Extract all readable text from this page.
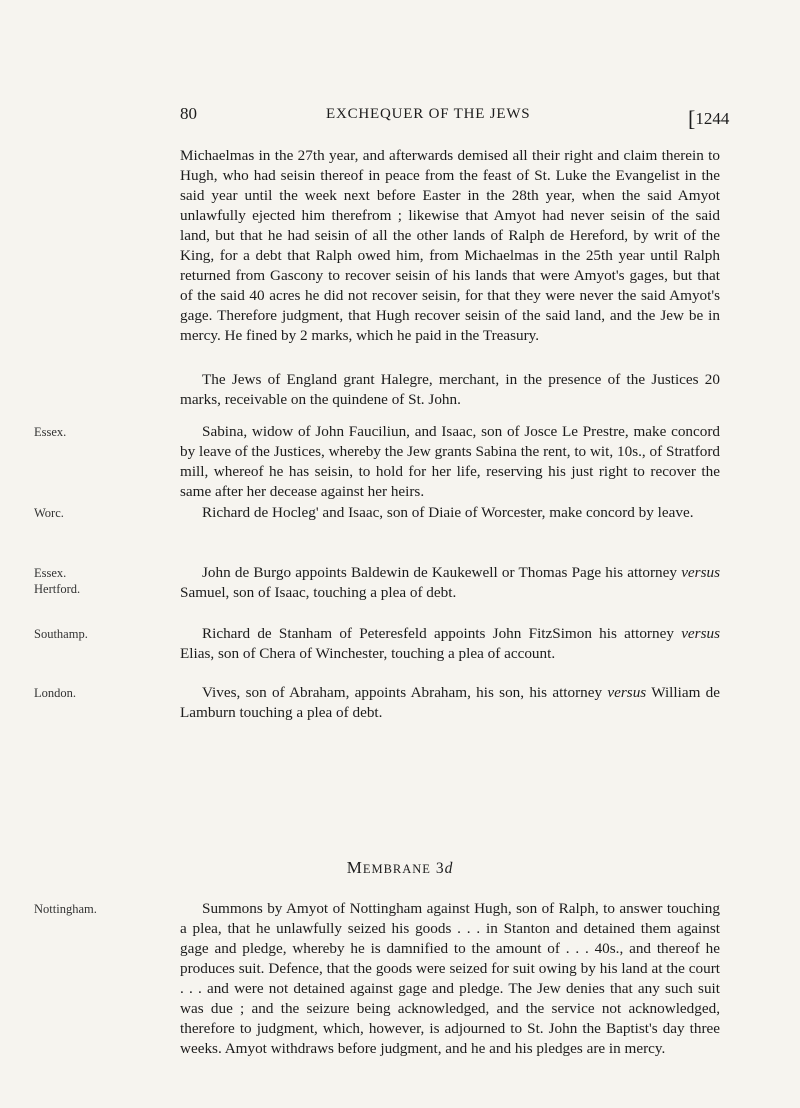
80	EXCHEQUER OF THE JEWS	[1244

Michaelmas in the 27th year, and afterwards demised all their right and claim therein to Hugh, who had seisin thereof in peace from the feast of St. Luke the Evangelist in the said year until the week next before Easter in the 28th year, when the said Amyot unlawfully ejected him therefrom ; likewise that Amyot had never seisin of the said land, but that he had seisin of all the other lands of Ralph de Hereford, by writ of the King, for a debt that Ralph owed him, from Michaelmas in the 25th year until Ralph returned from Gascony to recover seisin of his lands that were Amyot's gages, but that of the said 40 acres he did not recover seisin, for that they were never the said Amyot's gage. Therefore judgment, that Hugh recover seisin of the said land, and the Jew be in mercy. He fined by 2 marks, which he paid in the Treasury.

The Jews of England grant Halegre, merchant, in the presence of the Justices 20 marks, receivable on the quindene of St. John.

Essex.	Sabina, widow of John Fauciliun, and Isaac, son of Josce Le Prestre, make concord by leave of the Justices, whereby the Jew grants Sabina the rent, to wit, 10s., of Stratford mill, whereof he has seisin, to hold for her life, reserving his just right to recover the same after her decease against her heirs.

Worc.	Richard de Hocleg' and Isaac, son of Diaie of Worcester, make concord by leave.

Essex.
Hertford.

John de Burgo appoints Baldewin de Kaukewell or Thomas Page his attorney versus Samuel, son of Isaac, touching a plea of debt.

Southamp.	Richard de Stanham of Peteresfeld appoints John FitzSimon his attorney versus Elias, son of Chera of Winchester, touching a plea of account.

London.	Vives, son of Abraham, appoints Abraham, his son, his attorney versus William de Lamburn touching a plea of debt.

MEMBRANE 3d
Nottingham.	Summons by Amyot of Nottingham against Hugh, son of Ralph, to answer touching a plea, that he unlawfully seized his goods . . . in Stanton and detained them against gage and pledge, whereby he is damnified to the amount of . . . 40s., and thereof he produces suit. Defence, that the goods were seized for suit owing by his land at the court . . . and were not detained against gage and pledge. The Jew denies that any such suit was due ; and the seizure being acknowledged, and the service not acknowledged, therefore to judgment, which, however, is adjourned to St. John the Baptist's day three weeks. Amyot withdraws before judgment, and he and his pledges are in mercy.
